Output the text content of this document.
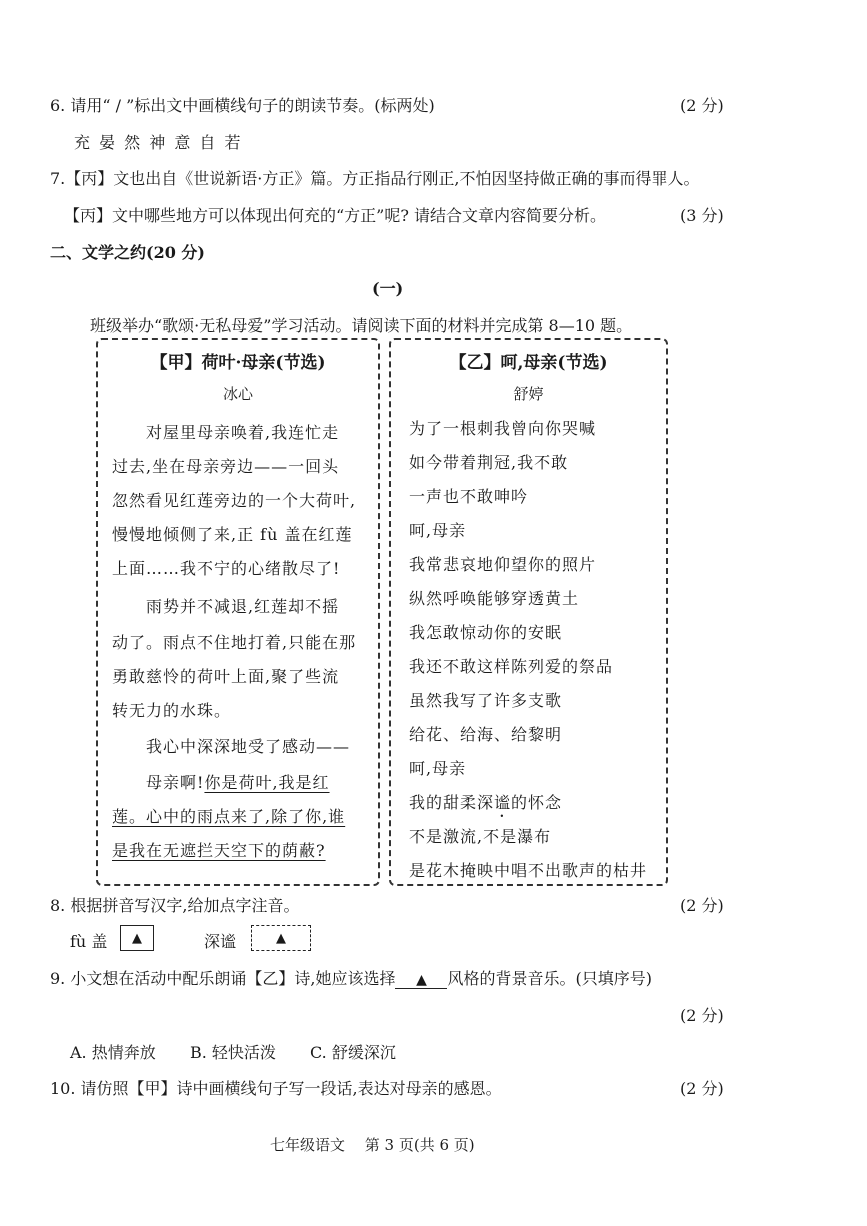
6. 请用“ / ”标出文中画横线句子的朗读节奏。(标两处)	(2 分)
充 晏 然 神 意 自 若
7.【丙】文也出自《世说新语·方正》篇。方正指品行刚正,不怕因坚持做正确的事而得罪人。
【丙】文中哪些地方可以体现出何充的“方正”呢? 请结合文章内容简要分析。	(3 分)
二、文学之约(20 分)
(一)
班级举办“歌颂·无私母爱”学习活动。请阅读下面的材料并完成第 8—10 题。
【甲】荷叶·母亲(节选)
冰心
　　对屋里母亲唤着,我连忙走
过去,坐在母亲旁边——一回头
忽然看见红莲旁边的一个大荷叶,
慢慢地倾侧了来,正 fù 盖在红莲
上面……我不宁的心绪散尽了!
　　雨势并不减退,红莲却不摇
动了。雨点不住地打着,只能在那
勇敢慈怜的荷叶上面,聚了些流
转无力的水珠。
　　我心中深深地受了感动——
　　母亲啊!你是荷叶,我是红
莲。心中的雨点来了,除了你,谁
是我在无遮拦天空下的荫蔽?
【乙】呵,母亲(节选)
舒婷
为了一根刺我曾向你哭喊
如今带着荆冠,我不敢
一声也不敢呻吟
呵,母亲
我常悲哀地仰望你的照片
纵然呼唤能够穿透黄土
我怎敢惊动你的安眠
我还不敢这样陈列爱的祭品
虽然我写了许多支歌
给花、给海、给黎明
呵,母亲
我的甜柔深谧的怀念
不是激流,不是瀑布
是花木掩映中唱不出歌声的枯井
8. 根据拼音写汉字,给加点字注音。	(2 分)
fù 盖 ▲	深谧	▲
9. 小文想在活动中配乐朗诵【乙】诗,她应该选择 ▲ 风格的背景音乐。(只填序号)
(2 分)
A. 热情奔放 B. 轻快活泼 C. 舒缓深沉
10. 请仿照【甲】诗中画横线句子写一段话,表达对母亲的感恩。	(2 分)
七年级语文　 第 3 页(共 6 页)
